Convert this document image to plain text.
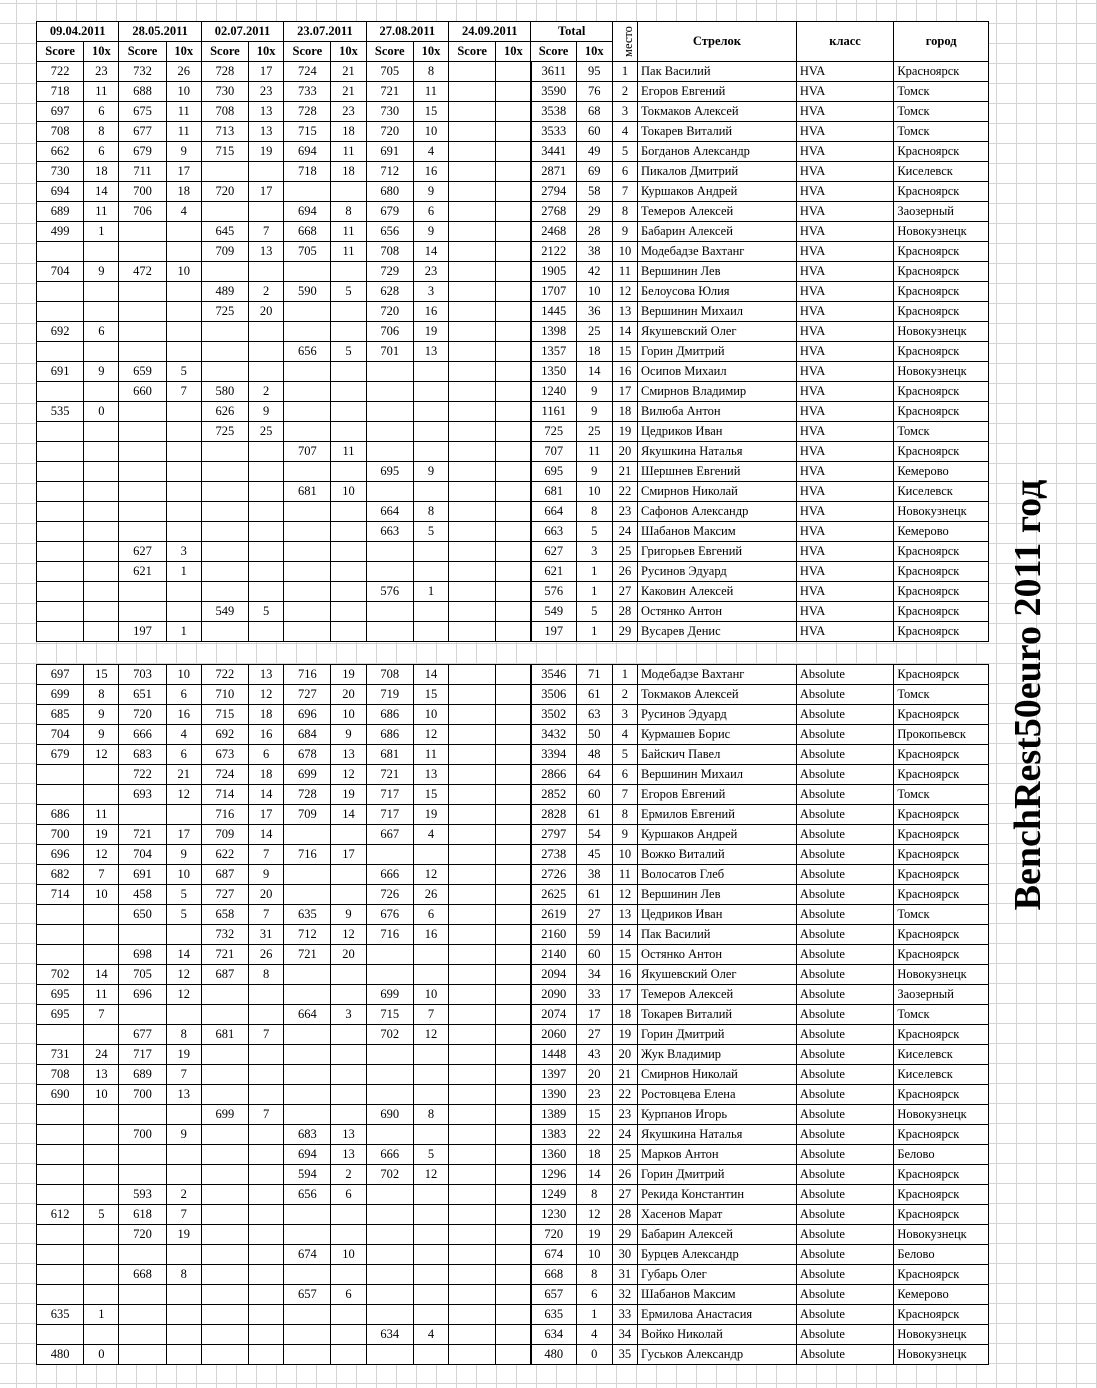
09.04.2011		28.05.2011		02.07.2011		23.07.2011		27.08.2011		24.09.2011		Total		место	Стрелок	класс	город
Score	10x	Score	10x	Score	10x	Score	10x	Score	10x	Score	10x	Score	10x				
722	23	732	26	728	17	724	21	705	8			3611	95	1	Пак Василий	HVA	Красноярск
718	11	688	10	730	23	733	21	721	11			3590	76	2	Егоров Евгений	HVA	Томск
697	6	675	11	708	13	728	23	730	15			3538	68	3	Токмаков Алексей	HVA	Томск
708	8	677	11	713	13	715	18	720	10			3533	60	4	Токарев Виталий	HVA	Томск
662	6	679	9	715	19	694	11	691	4			3441	49	5	Богданов Александр	HVA	Красноярск
730	18	711	17			718	18	712	16			2871	69	6	Пикалов Дмитрий	HVA	Киселевск
694	14	700	18	720	17			680	9			2794	58	7	Куршаков Андрей	HVA	Красноярск
689	11	706	4			694	8	679	6			2768	29	8	Темеров Алексей	HVA	Заозерный
499	1			645	7	668	11	656	9			2468	28	9	Бабарин Алексей	HVA	Новокузнецк
				709	13	705	11	708	14			2122	38	10	Модебадзе Вахтанг	HVA	Красноярск
704	9	472	10					729	23			1905	42	11	Вершинин Лев	HVA	Красноярск
				489	2	590	5	628	3			1707	10	12	Белоусова Юлия	HVA	Красноярск
				725	20			720	16			1445	36	13	Вершинин Михаил	HVA	Красноярск
692	6							706	19			1398	25	14	Якушевский Олег	HVA	Новокузнецк
						656	5	701	13			1357	18	15	Горин Дмитрий	HVA	Красноярск
691	9	659	5									1350	14	16	Осипов Михаил	HVA	Новокузнецк
		660	7	580	2							1240	9	17	Смирнов Владимир	HVA	Красноярск
535	0			626	9							1161	9	18	Вилюба Антон	HVA	Красноярск
				725	25							725	25	19	Цедриков Иван	HVA	Томск
						707	11					707	11	20	Якушкина Наталья	HVA	Красноярск
								695	9			695	9	21	Шершнев Евгений	HVA	Кемерово
						681	10					681	10	22	Смирнов Николай	HVA	Киселевск
								664	8			664	8	23	Сафонов Александр	HVA	Новокузнецк
								663	5			663	5	24	Шабанов Максим	HVA	Кемерово
		627	3									627	3	25	Григорьев Евгений	HVA	Красноярск
		621	1									621	1	26	Русинов Эдуард	HVA	Красноярск
								576	1			576	1	27	Каковин Алексей	HVA	Красноярск
				549	5							549	5	28	Остянко Антон	HVA	Красноярск
		197	1									197	1	29	Вусарев Денис	HVA	Красноярск
697	15	703	10	722	13	716	19	708	14			3546	71	1	Модебадзе Вахтанг	Absolute	Красноярск
699	8	651	6	710	12	727	20	719	15			3506	61	2	Токмаков Алексей	Absolute	Томск
685	9	720	16	715	18	696	10	686	10			3502	63	3	Русинов Эдуард	Absolute	Красноярск
704	9	666	4	692	16	684	9	686	12			3432	50	4	Курмашев Борис	Absolute	Прокопьевск
679	12	683	6	673	6	678	13	681	11			3394	48	5	Байскич Павел	Absolute	Красноярск
		722	21	724	18	699	12	721	13			2866	64	6	Вершинин Михаил	Absolute	Красноярск
		693	12	714	14	728	19	717	15			2852	60	7	Егоров Евгений	Absolute	Томск
686	11			716	17	709	14	717	19			2828	61	8	Ермилов Евгений	Absolute	Красноярск
700	19	721	17	709	14			667	4			2797	54	9	Куршаков Андрей	Absolute	Красноярск
696	12	704	9	622	7	716	17					2738	45	10	Вожко Виталий	Absolute	Красноярск
682	7	691	10	687	9			666	12			2726	38	11	Волосатов Глеб	Absolute	Красноярск
714	10	458	5	727	20			726	26			2625	61	12	Вершинин Лев	Absolute	Красноярск
		650	5	658	7	635	9	676	6			2619	27	13	Цедриков Иван	Absolute	Томск
				732	31	712	12	716	16			2160	59	14	Пак Василий	Absolute	Красноярск
		698	14	721	26	721	20					2140	60	15	Остянко Антон	Absolute	Красноярск
702	14	705	12	687	8							2094	34	16	Якушевский Олег	Absolute	Новокузнецк
695	11	696	12					699	10			2090	33	17	Темеров Алексей	Absolute	Заозерный
695	7					664	3	715	7			2074	17	18	Токарев Виталий	Absolute	Томск
		677	8	681	7			702	12			2060	27	19	Горин Дмитрий	Absolute	Красноярск
731	24	717	19									1448	43	20	Жук Владимир	Absolute	Киселевск
708	13	689	7									1397	20	21	Смирнов Николай	Absolute	Киселевск
690	10	700	13									1390	23	22	Ростовцева Елена	Absolute	Красноярск
				699	7			690	8			1389	15	23	Курпанов Игорь	Absolute	Новокузнецк
		700	9			683	13					1383	22	24	Якушкина Наталья	Absolute	Красноярск
						694	13	666	5			1360	18	25	Марков Антон	Absolute	Белово
						594	2	702	12			1296	14	26	Горин Дмитрий	Absolute	Красноярск
		593	2			656	6					1249	8	27	Рекида Константин	Absolute	Красноярск
612	5	618	7									1230	12	28	Хасенов Марат	Absolute	Красноярск
		720	19									720	19	29	Бабарин Алексей	Absolute	Новокузнецк
						674	10					674	10	30	Бурцев Александр	Absolute	Белово
		668	8									668	8	31	Губарь Олег	Absolute	Красноярск
						657	6					657	6	32	Шабанов Максим	Absolute	Кемерово
635	1											635	1	33	Ермилова Анастасия	Absolute	Красноярск
								634	4			634	4	34	Войко Николай	Absolute	Новокузнецк
480	0											480	0	35	Гуськов Александр	Absolute	Новокузнецк
BenchRest50euro 2011 год
